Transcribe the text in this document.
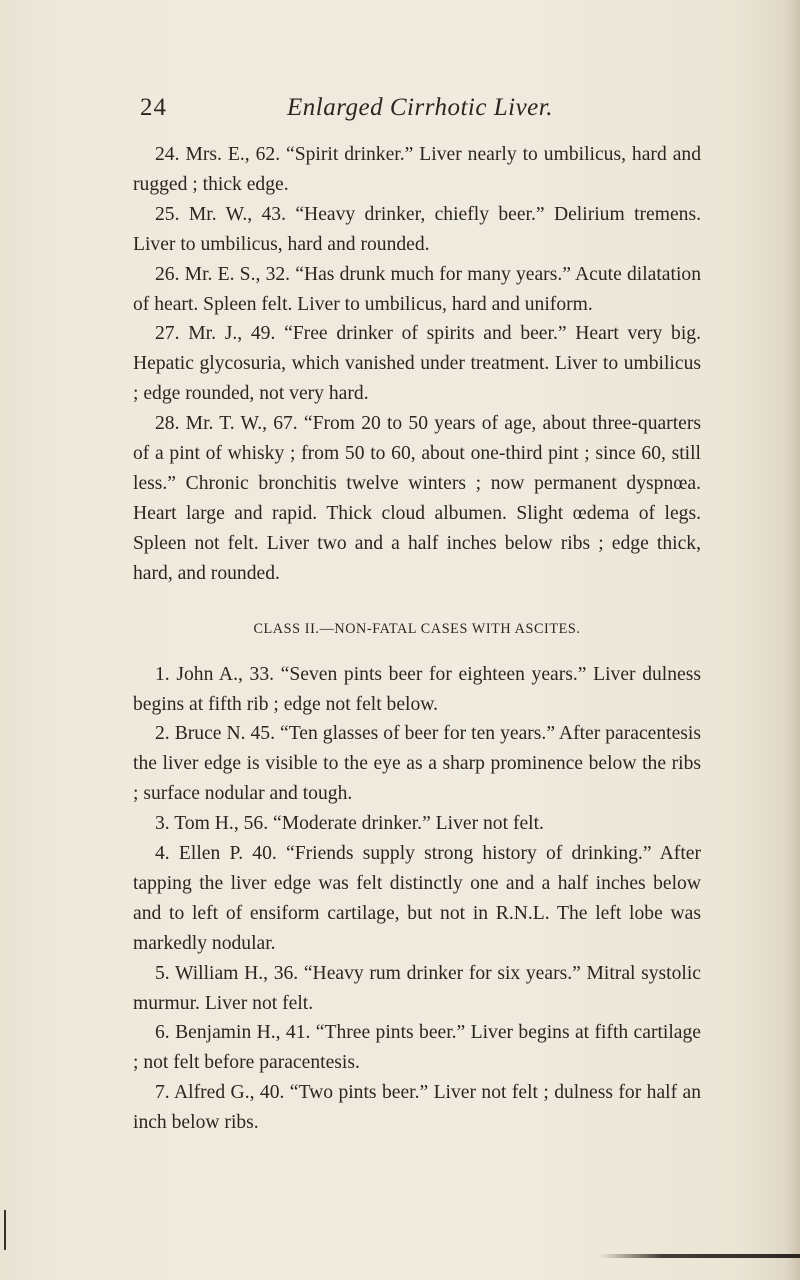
24	Enlarged Cirrhotic Liver.

24. Mrs. E., 62. “Spirit drinker.” Liver nearly to umbilicus, hard and rugged ; thick edge.

25. Mr. W., 43. “Heavy drinker, chiefly beer.” Delirium tremens. Liver to umbilicus, hard and rounded.

26. Mr. E. S., 32. “Has drunk much for many years.” Acute dilatation of heart. Spleen felt. Liver to umbilicus, hard and uniform.

27. Mr. J., 49. “Free drinker of spirits and beer.” Heart very big. Hepatic glycosuria, which vanished under treatment. Liver to umbilicus ; edge rounded, not very hard.

28. Mr. T. W., 67. “From 20 to 50 years of age, about three-quarters of a pint of whisky ; from 50 to 60, about one-third pint ; since 60, still less.” Chronic bronchitis twelve winters ; now permanent dyspnœa. Heart large and rapid. Thick cloud albumen. Slight œdema of legs. Spleen not felt. Liver two and a half inches below ribs ; edge thick, hard, and rounded.

CLASS II.—NON-FATAL CASES WITH ASCITES.

1. John A., 33. “Seven pints beer for eighteen years.” Liver dulness begins at fifth rib ; edge not felt below.

2. Bruce N. 45. “Ten glasses of beer for ten years.” After paracentesis the liver edge is visible to the eye as a sharp prominence below the ribs ; surface nodular and tough.

3. Tom H., 56. “Moderate drinker.” Liver not felt.

4. Ellen P. 40. “Friends supply strong history of drinking.” After tapping the liver edge was felt distinctly one and a half inches below and to left of ensiform cartilage, but not in R.N.L. The left lobe was markedly nodular.

5. William H., 36. “Heavy rum drinker for six years.” Mitral systolic murmur. Liver not felt.

6. Benjamin H., 41. “Three pints beer.” Liver begins at fifth cartilage ; not felt before paracentesis.

7. Alfred G., 40. “Two pints beer.” Liver not felt ; dulness for half an inch below ribs.
